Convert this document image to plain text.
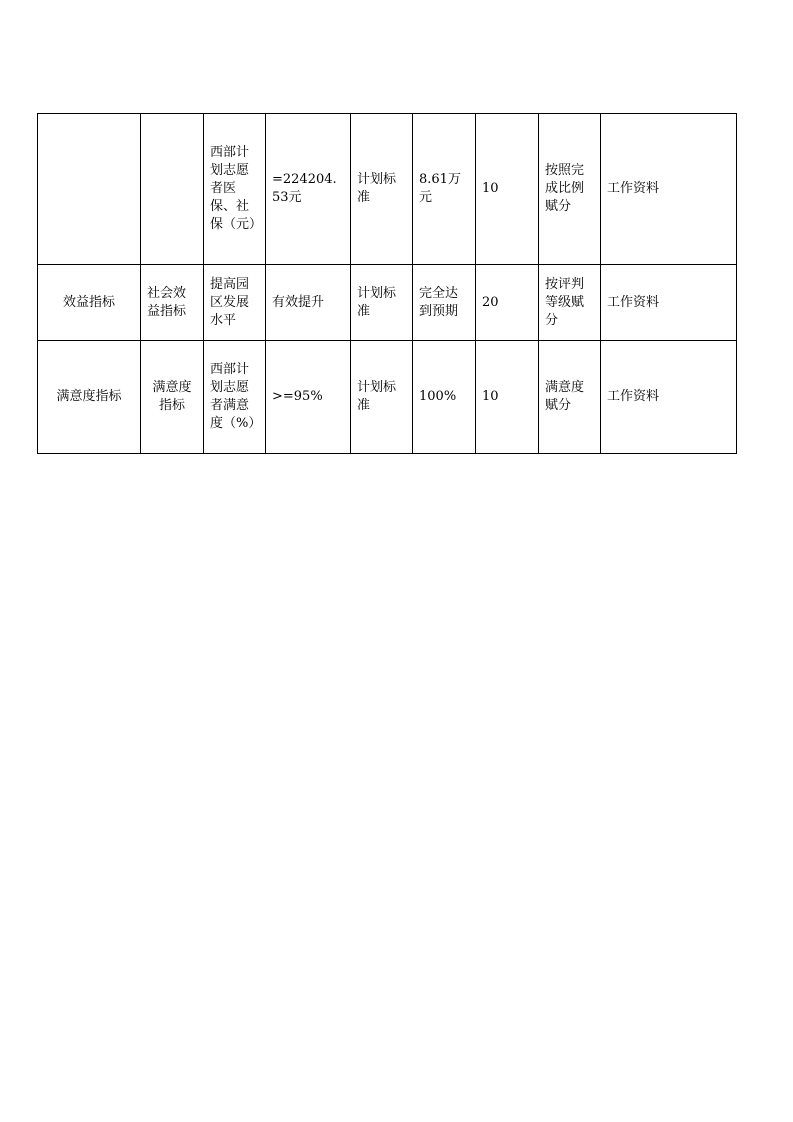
		西部计划志愿者医保、社保（元）	=224204.53元	计划标准	8.61万元	10	按照完成比例赋分	工作资料
效益指标	社会效益指标	提高园区发展水平	有效提升	计划标准	完全达到预期	20	按评判等级赋分	工作资料
满意度指标	满意度指标	西部计划志愿者满意度（%）	>=95%	计划标准	100%	10	满意度赋分	工作资料
